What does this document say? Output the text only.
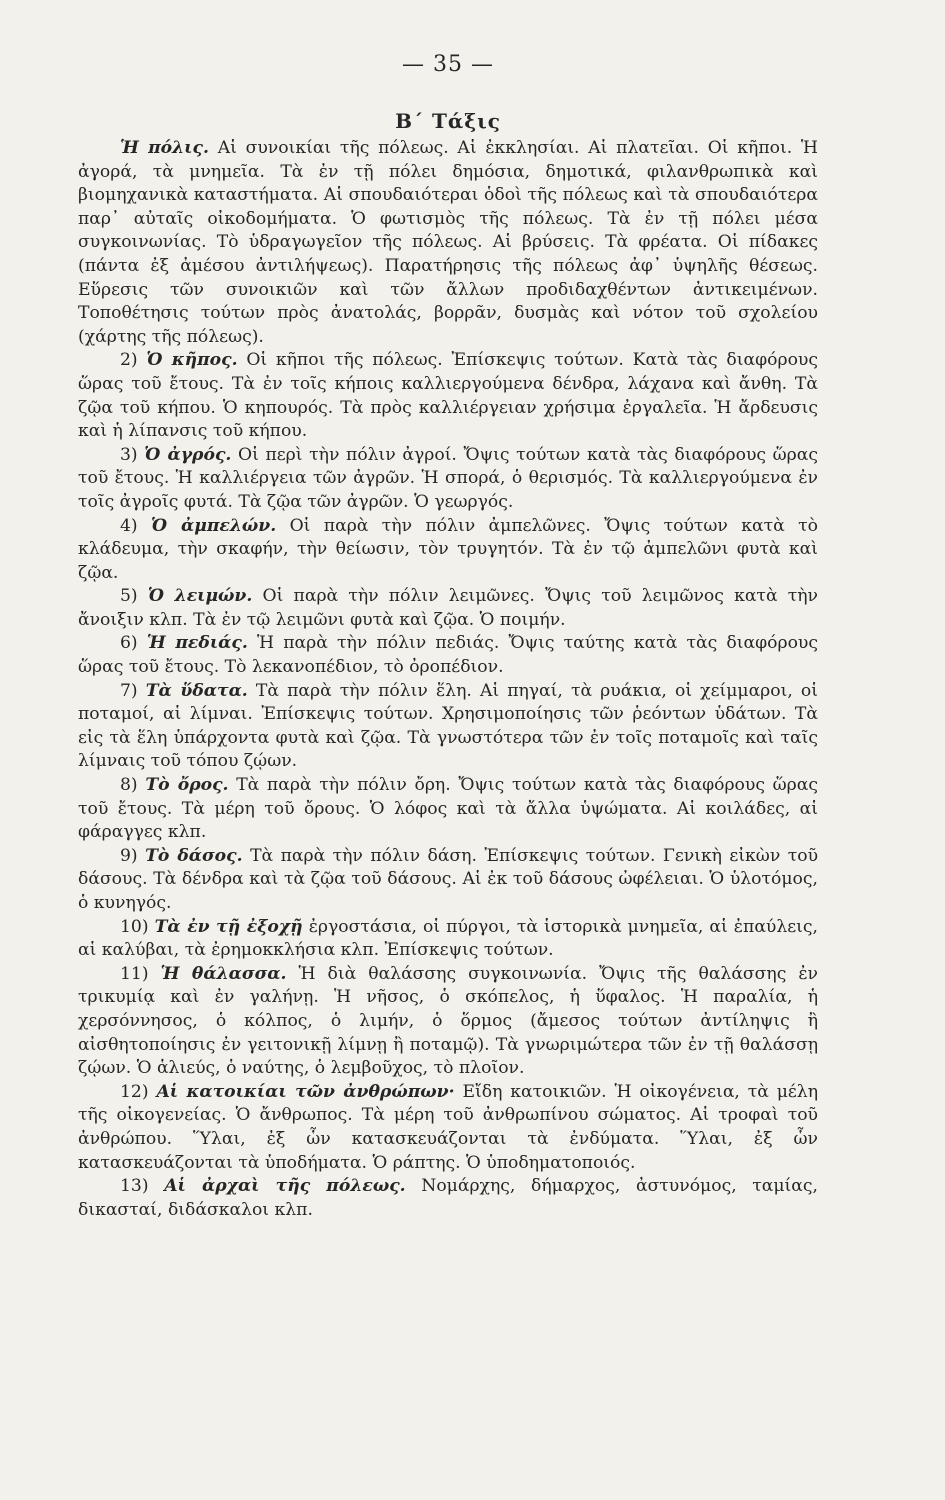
— 35 —
Β΄ Τάξις

Ἡ πόλις. Αἱ συνοικίαι τῆς πόλεως. Αἱ ἐκκλησίαι. Αἱ πλατεῖαι. Οἱ κῆποι. Ἡ ἀγορά, τὰ μνημεῖα. Τὰ ἐν τῇ πόλει δημόσια, δημοτικά, φιλανθρωπικὰ καὶ βιομηχανικὰ καταστήματα. Αἱ σπουδαιότεραι ὁδοὶ τῆς πόλεως καὶ τὰ σπουδαιότερα παρ᾿ αὐταῖς οἰκοδομήματα. Ὁ φωτισμὸς τῆς πόλεως. Τὰ ἐν τῇ πόλει μέσα συγκοινωνίας. Τὸ ὑδραγωγεῖον τῆς πόλεως. Αἱ βρύσεις. Τὰ φρέατα. Οἱ πίδακες (πάντα ἐξ ἀμέσου ἀντιλήψεως). Παρατήρησις τῆς πόλεως ἀφ᾿ ὑψηλῆς θέσεως. Εὕρεσις τῶν συνοικιῶν καὶ τῶν ἄλλων προδιδαχθέντων ἀντικειμένων. Τοποθέτησις τούτων πρὸς ἀνατολάς, βορρᾶν, δυσμὰς καὶ νότον τοῦ σχολείου (χάρτης τῆς πόλεως).

2) Ὁ κῆπος. Οἱ κῆποι τῆς πόλεως. Ἐπίσκεψις τούτων. Κατὰ τὰς διαφόρους ὥρας τοῦ ἔτους. Τὰ ἐν τοῖς κήποις καλλιεργούμενα δένδρα, λάχανα καὶ ἄνθη. Τὰ ζῷα τοῦ κήπου. Ὁ κηπουρός. Τὰ πρὸς καλλιέργειαν χρήσιμα ἐργαλεῖα. Ἡ ἄρδευσις καὶ ἡ λίπανσις τοῦ κήπου.

3) Ὁ ἀγρός. Οἱ περὶ τὴν πόλιν ἀγροί. Ὄψις τούτων κατὰ τὰς διαφόρους ὥρας τοῦ ἔτους. Ἡ καλλιέργεια τῶν ἀγρῶν. Ἡ σπορά, ὁ θερισμός. Τὰ καλλιεργούμενα ἐν τοῖς ἀγροῖς φυτά. Τὰ ζῷα τῶν ἀγρῶν. Ὁ γεωργός.

4) Ὁ ἀμπελών. Οἱ παρὰ τὴν πόλιν ἀμπελῶνες. Ὄψις τούτων κατὰ τὸ κλάδευμα, τὴν σκαφήν, τὴν θείωσιν, τὸν τρυγητόν. Τὰ ἐν τῷ ἀμπελῶνι φυτὰ καὶ ζῷα.

5) Ὁ λειμών. Οἱ παρὰ τὴν πόλιν λειμῶνες. Ὄψις τοῦ λειμῶνος κατὰ τὴν ἄνοιξιν κλπ. Τὰ ἐν τῷ λειμῶνι φυτὰ καὶ ζῷα. Ὁ ποιμήν.

6) Ἡ πεδιάς. Ἡ παρὰ τὴν πόλιν πεδιάς. Ὄψις ταύτης κατὰ τὰς διαφόρους ὥρας τοῦ ἔτους. Τὸ λεκανοπέδιον, τὸ ὀροπέδιον.

7) Τὰ ὕδατα. Τὰ παρὰ τὴν πόλιν ἕλη. Αἱ πηγαί, τὰ ρυάκια, οἱ χείμμαροι, οἱ ποταμοί, αἱ λίμναι. Ἐπίσκεψις τούτων. Χρησιμοποίησις τῶν ῥεόντων ὑδάτων. Τὰ εἰς τὰ ἕλη ὑπάρχοντα φυτὰ καὶ ζῷα. Τὰ γνωστότερα τῶν ἐν τοῖς ποταμοῖς καὶ ταῖς λίμναις τοῦ τόπου ζῴων.

8) Τὸ ὄρος. Τὰ παρὰ τὴν πόλιν ὄρη. Ὄψις τούτων κατὰ τὰς διαφόρους ὥρας τοῦ ἔτους. Τὰ μέρη τοῦ ὄρους. Ὁ λόφος καὶ τὰ ἄλλα ὑψώματα. Αἱ κοιλάδες, αἱ φάραγγες κλπ.

9) Τὸ δάσος. Τὰ παρὰ τὴν πόλιν δάση. Ἐπίσκεψις τούτων. Γενικὴ εἰκὼν τοῦ δάσους. Τὰ δένδρα καὶ τὰ ζῷα τοῦ δάσους. Αἱ ἐκ τοῦ δάσους ὠφέλειαι. Ὁ ὑλοτόμος, ὁ κυνηγός.

10) Τὰ ἐν τῇ ἐξοχῇ ἐργοστάσια, οἱ πύργοι, τὰ ἱστορικὰ μνημεῖα, αἱ ἐπαύλεις, αἱ καλύβαι, τὰ ἐρημοκκλήσια κλπ. Ἐπίσκεψις τούτων.

11) Ἡ θάλασσα. Ἡ διὰ θαλάσσης συγκοινωνία. Ὄψις τῆς θαλάσσης ἐν τρικυμίᾳ καὶ ἐν γαλήνῃ. Ἡ νῆσος, ὁ σκόπελος, ἡ ὕφαλος. Ἡ παραλία, ἡ χερσόννησος, ὁ κόλπος, ὁ λιμήν, ὁ ὅρμος (ἄμεσος τούτων ἀντίληψις ἢ αἰσθητοποίησις ἐν γειτονικῇ λίμνῃ ἢ ποταμῷ). Τὰ γνωριμώτερα τῶν ἐν τῇ θαλάσσῃ ζῴων. Ὁ ἁλιεύς, ὁ ναύτης, ὁ λεμβοῦχος, τὸ πλοῖον.

12) Αἱ κατοικίαι τῶν ἀνθρώπων· Εἴδη κατοικιῶν. Ἡ οἰκογένεια, τὰ μέλη τῆς οἰκογενείας. Ὁ ἄνθρωπος. Τὰ μέρη τοῦ ἀνθρωπίνου σώματος. Αἱ τροφαὶ τοῦ ἀνθρώπου. Ὕλαι, ἐξ ὧν κατασκευάζονται τὰ ἐνδύματα. Ὕλαι, ἐξ ὧν κατασκευάζονται τὰ ὑποδήματα. Ὁ ράπτης. Ὁ ὑποδηματοποιός.

13) Αἱ ἀρχαὶ τῆς πόλεως. Νομάρχης, δήμαρχος, ἀστυνόμος, ταμίας, δικασταί, διδάσκαλοι κλπ.
